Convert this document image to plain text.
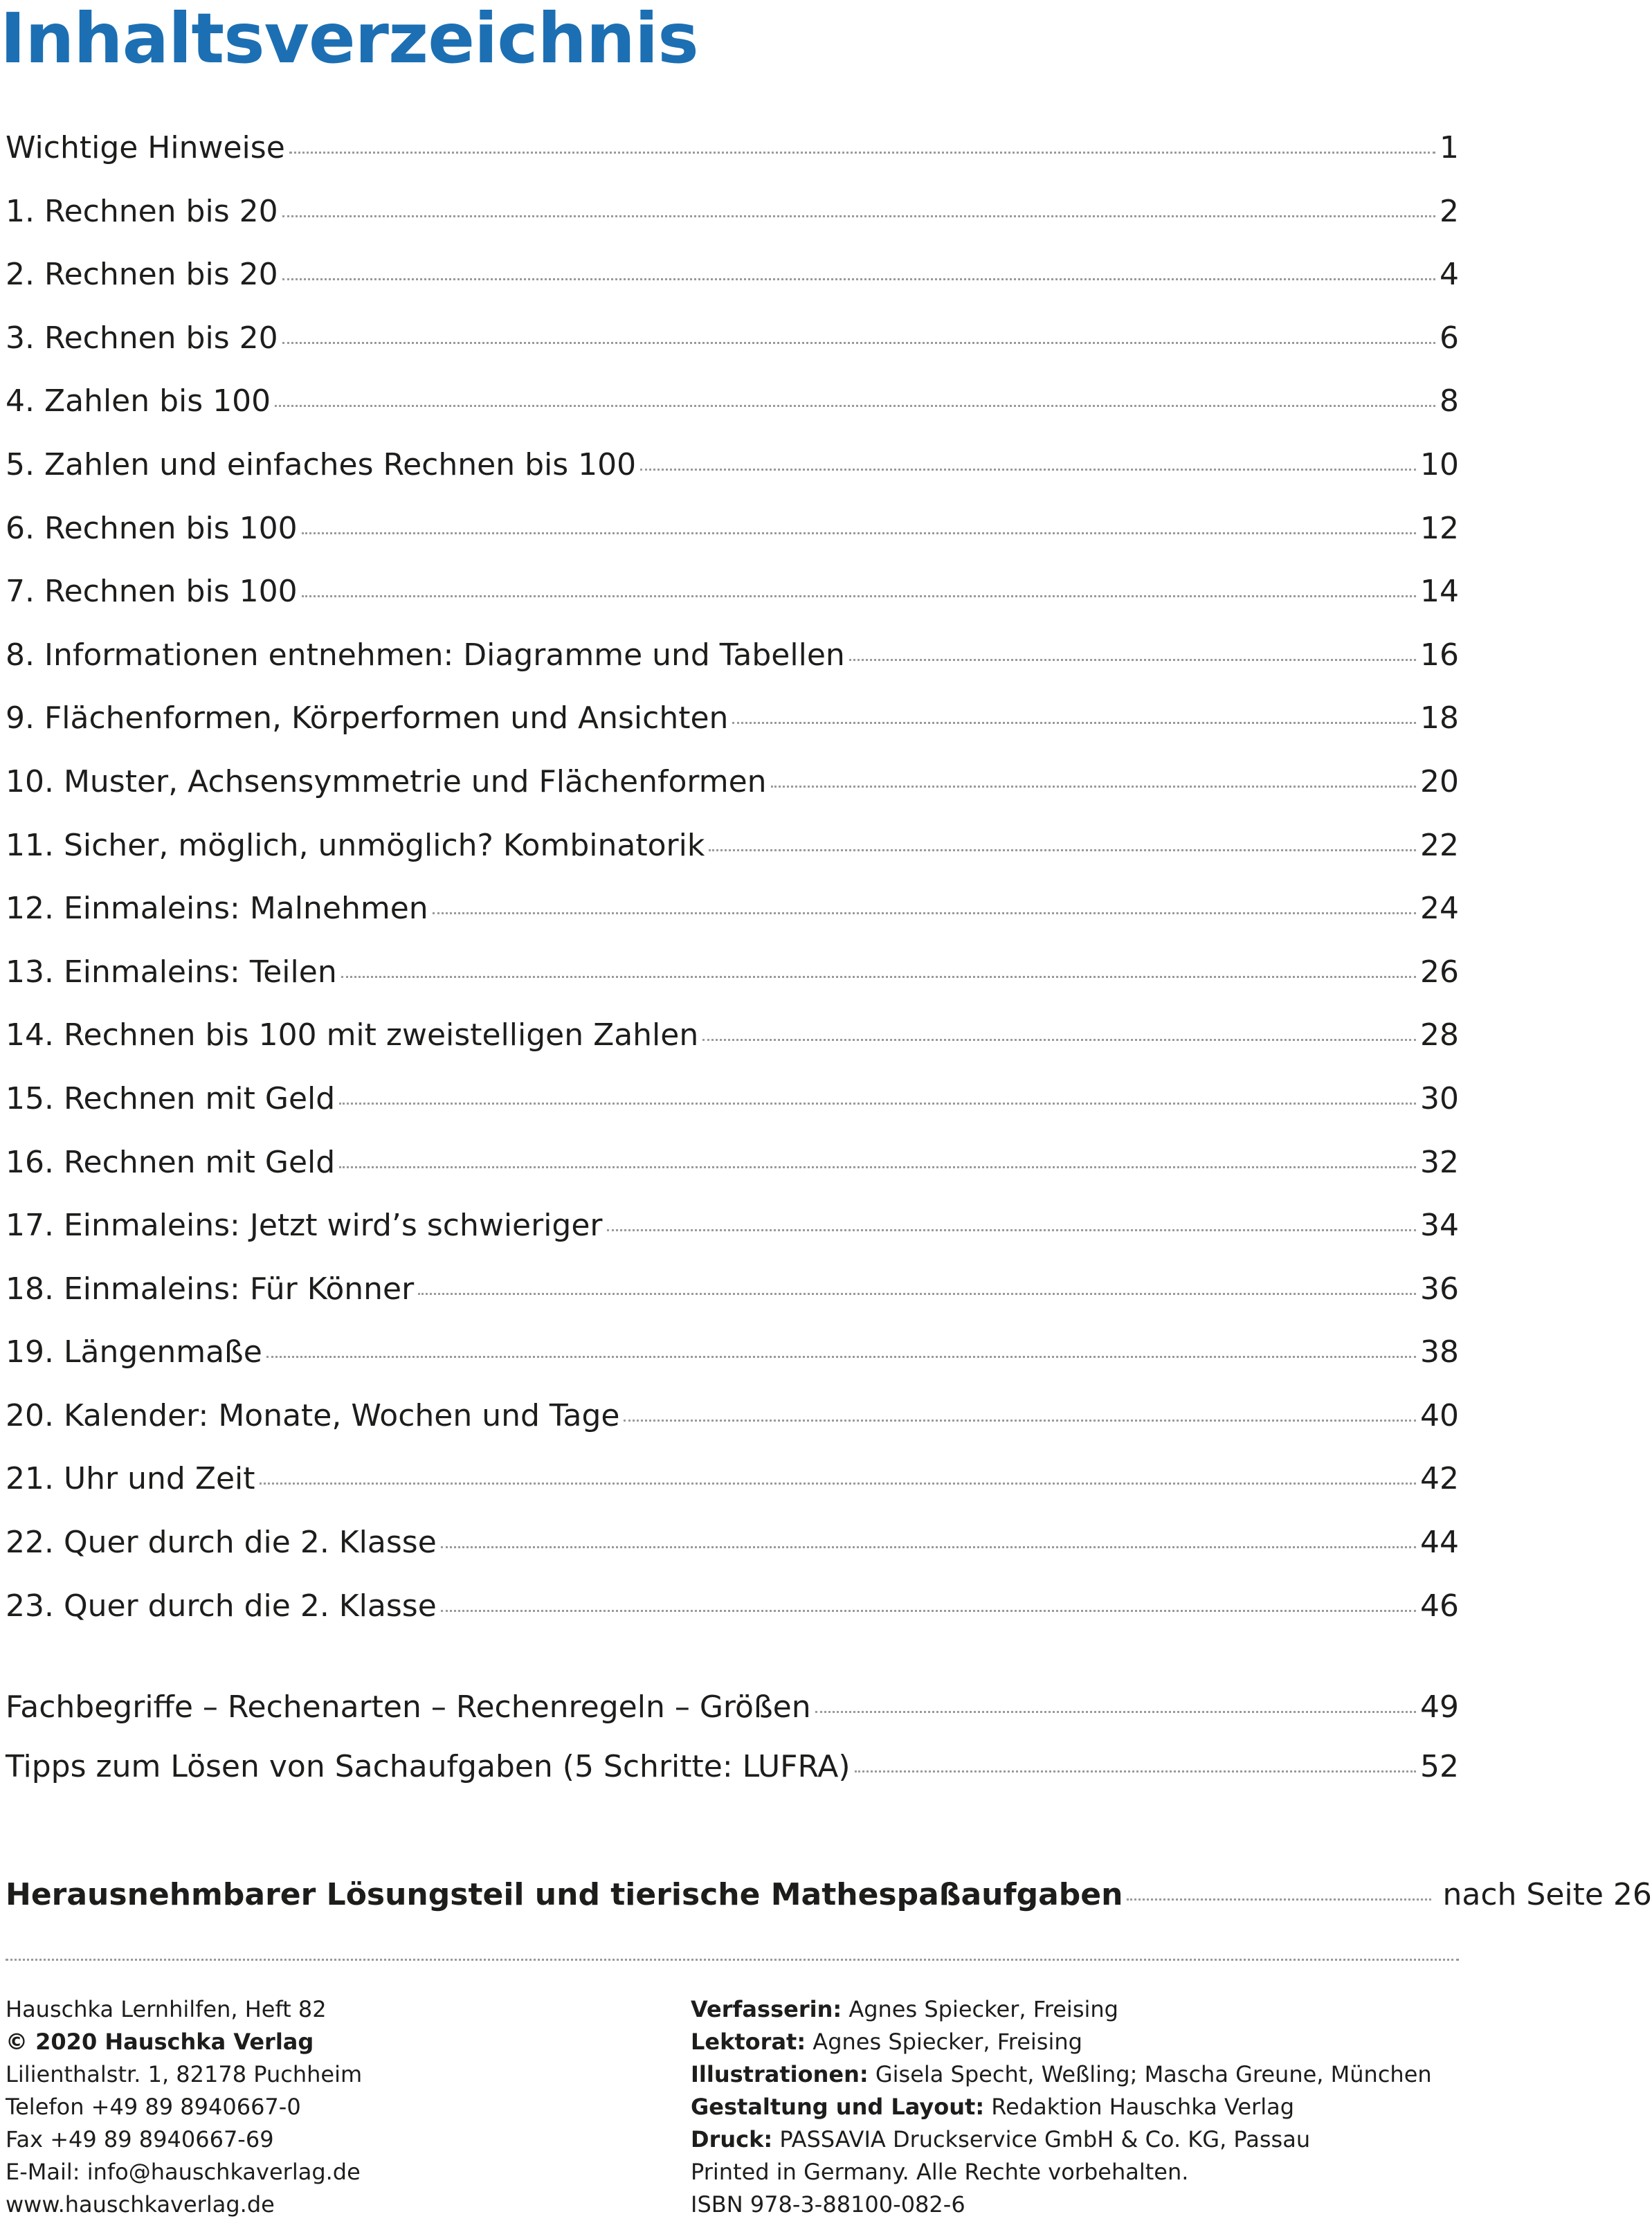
Inhaltsverzeichnis
Wichtige Hinweise	1
1. Rechnen bis 20	2
2. Rechnen bis 20	4
3. Rechnen bis 20	6
4. Zahlen bis 100	8
5. Zahlen und einfaches Rechnen bis 100	10
6. Rechnen bis 100	12
7. Rechnen bis 100	14
8. Informationen entnehmen: Diagramme und Tabellen	16
9. Flächenformen, Körperformen und Ansichten	18
10. Muster, Achsensymmetrie und Flächenformen	20
11. Sicher, möglich, unmöglich? Kombinatorik	22
12. Einmaleins: Malnehmen	24
13. Einmaleins: Teilen	26
14. Rechnen bis 100 mit zweistelligen Zahlen	28
15. Rechnen mit Geld	30
16. Rechnen mit Geld	32
17. Einmaleins: Jetzt wird’s schwieriger	34
18. Einmaleins: Für Könner	36
19. Längenmaße	38
20. Kalender: Monate, Wochen und Tage	40
21. Uhr und Zeit	42
22. Quer durch die 2. Klasse	44
23. Quer durch die 2. Klasse	46
Fachbegriffe – Rechenarten – Rechenregeln – Größen	49
Tipps zum Lösen von Sachaufgaben (5 Schritte: LUFRA)	52
Herausnehmbarer Lösungsteil und tierische Mathespaßaufgaben	nach Seite 26
Hauschka Lernhilfen, Heft 82
© 2020 Hauschka Verlag
Lilienthalstr. 1, 82178 Puchheim
Telefon +49 89 8940667-0
Fax +49 89 8940667-69
E-Mail: info@hauschkaverlag.de
www.hauschkaverlag.de
Verfasserin: Agnes Spiecker, Freising
Lektorat: Agnes Spiecker, Freising
Illustrationen: Gisela Specht, Weßling; Mascha Greune, München
Gestaltung und Layout: Redaktion Hauschka Verlag
Druck: PASSAVIA Druckservice GmbH & Co. KG, Passau
Printed in Germany. Alle Rechte vorbehalten.
ISBN 978-3-88100-082-6
